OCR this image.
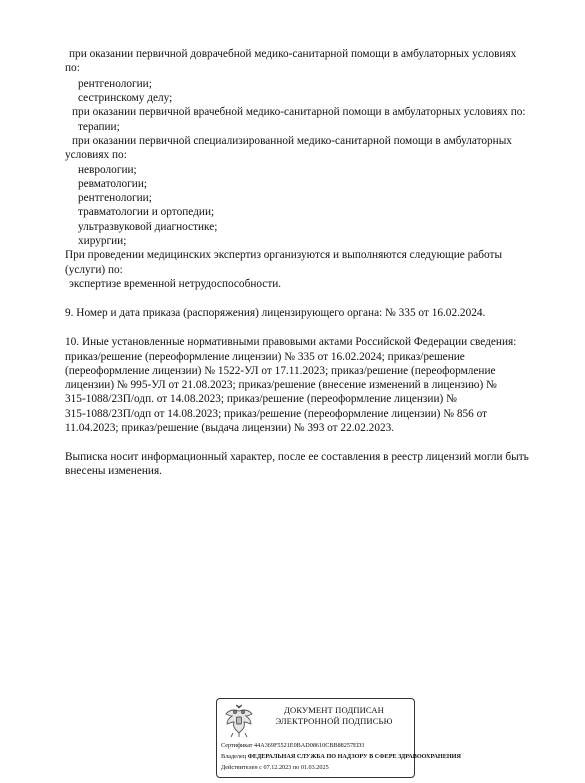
при оказании первичной доврачебной медико-санитарной помощи в амбулаторных условиях
по:
рентгенологии;
сестринскому делу;
при оказании первичной врачебной медико-санитарной помощи в амбулаторных условиях по:
терапии;
при оказании первичной специализированной медико-санитарной помощи в амбулаторных
условиях по:
неврологии;
ревматологии;
рентгенологии;
травматологии и ортопедии;
ультразвуковой диагностике;
хирургии;
При проведении медицинских экспертиз организуются и выполняются следующие работы
(услуги) по:
экспертизе временной нетрудоспособности.
9. Номер и дата приказа (распоряжения) лицензирующего органа: № 335 от 16.02.2024.
10. Иные установленные нормативными правовыми актами Российской Федерации сведения:
приказ/решение (переоформление лицензии) № 335 от 16.02.2024; приказ/решение
(переоформление лицензии) № 1522-УЛ от 17.11.2023; приказ/решение (переоформление
лицензии) № 995-УЛ от 21.08.2023; приказ/решение (внесение изменений в лицензию) №
315-1088/23П/одп. от 14.08.2023; приказ/решение (переоформление лицензии) №
315-1088/23П/одп от 14.08.2023; приказ/решение (переоформление лицензии) № 856 от
11.04.2023; приказ/решение (выдача лицензии) № 393 от 22.02.2023.
Выписка носит информационный характер, после ее составления в реестр лицензий могли быть
внесены изменения.
ДОКУМЕНТ ПОДПИСАН
ЭЛЕКТРОННОЙ ПОДПИСЬЮ
Сертификат 44A369F5521E0BAD08610CBB88257ED3
Владелец ФЕДЕРАЛЬНАЯ СЛУЖБА ПО НАДЗОРУ В СФЕРЕ ЗДРАВООХРАНЕНИЯ
Действителен с 07.12.2023 по 01.03.2025
